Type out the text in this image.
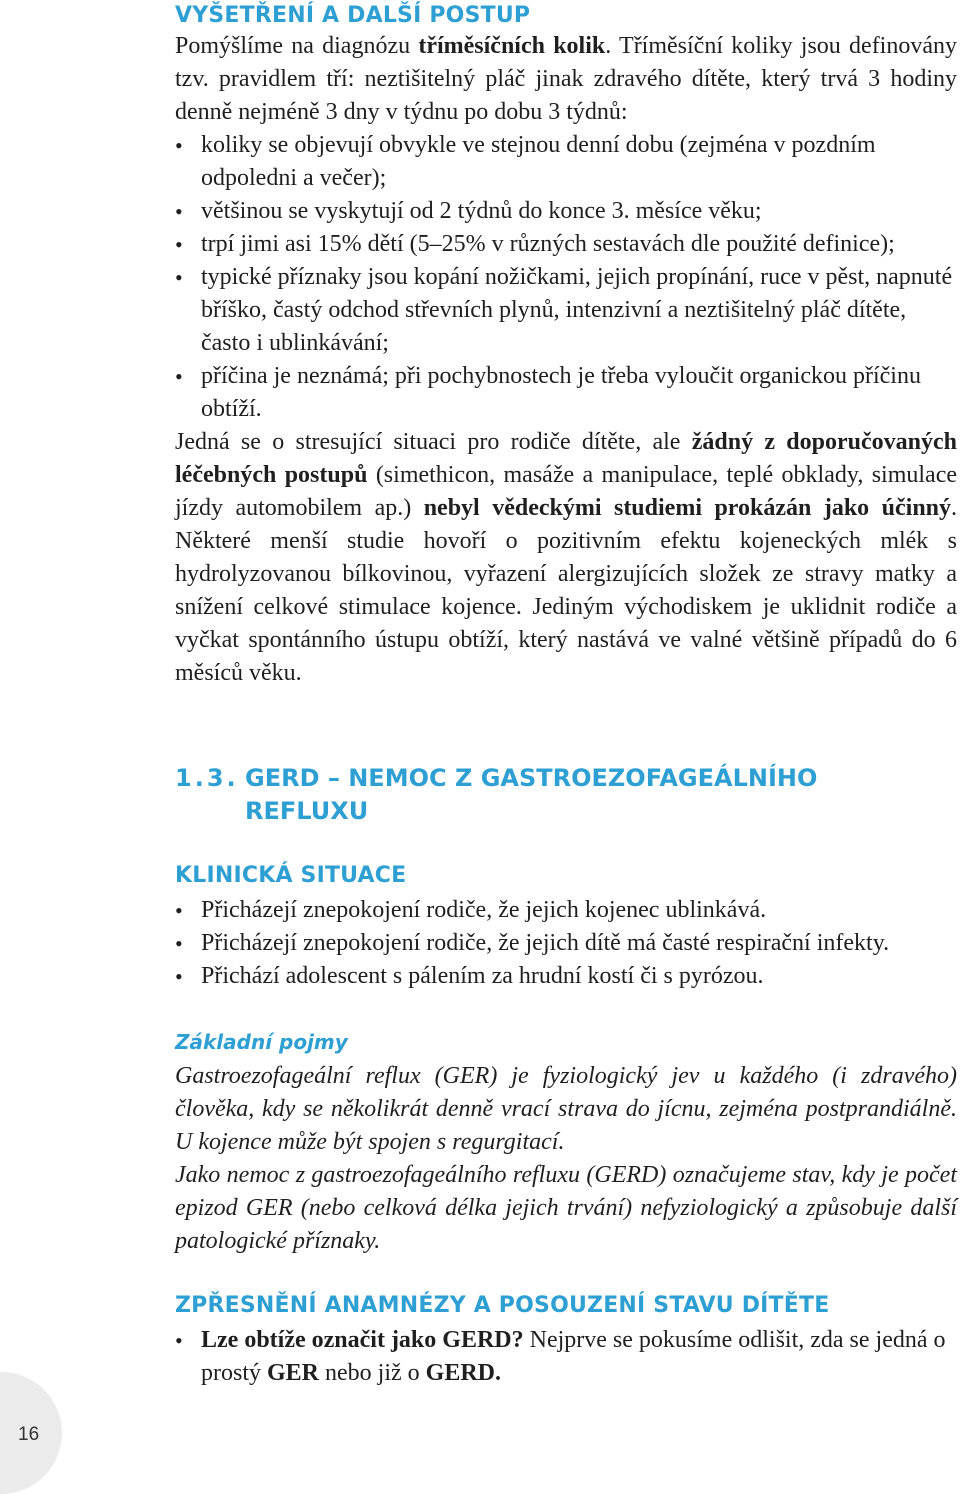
16
VYŠETŘENÍ A DALŠÍ POSTUP

Pomýšlíme na diagnózu tříměsíčních kolik. Tříměsíční koliky jsou definovány tzv. pravidlem tří: neztišitelný pláč jinak zdravého dítěte, který trvá 3 hodiny denně nejméně 3 dny v týdnu po dobu 3 týdnů:

• koliky se objevují obvykle ve stejnou denní dobu (zejména v pozdním odpoledni a večer);
• většinou se vyskytují od 2 týdnů do konce 3. měsíce věku;
• trpí jimi asi 15% dětí (5–25% v různých sestavách dle použité definice);
• typické příznaky jsou kopání nožičkami, jejich propínání, ruce v pěst, napnuté bříško, častý odchod střevních plynů, intenzivní a neztišitelný pláč dítěte, často i ublinkávání;
• příčina je neznámá; při pochybnostech je třeba vyloučit organickou příčinu obtíží.

Jedná se o stresující situaci pro rodiče dítěte, ale žádný z doporučovaných léčebných postupů (simethicon, masáže a manipulace, teplé obklady, simulace jízdy automobilem ap.) nebyl vědeckými studiemi prokázán jako účinný. Některé menší studie hovoří o pozitivním efektu kojeneckých mlék s hydrolyzovanou bílkovinou, vyřazení alergizujících složek ze stravy matky a snížení celkové stimulace kojence. Jediným východiskem je uklidnit rodiče a vyčkat spontánního ústupu obtíží, který nastává ve valné většině případů do 6 měsíců věku.

KLINICKÁ SITUACE
• Přicházejí znepokojení rodiče, že jejich kojenec ublinkává.
• Přicházejí znepokojení rodiče, že jejich dítě má časté respirační infekty.
• Přichází adolescent s pálením za hrudní kostí či s pyrózou.
Základní pojmy

Gastroezofageální reflux (GER) je fyziologický jev u každého (i zdravého) člověka, kdy se několikrát denně vrací strava do jícnu, zejména postprandiálně. U kojence může být spojen s regurgitací.

Jako nemoc z gastroezofageálního refluxu (GERD) označujeme stav, kdy je počet epizod GER (nebo celková délka jejich trvání) nefyziologický a způsobuje další patologické příznaky.

ZPŘESNĚNÍ ANAMNÉZY A POSOUZENÍ STAVU DÍTĚTE
• Lze obtíže označit jako GERD? Nejprve se pokusíme odlišit, zda se jedná o prostý GER nebo již o GERD.
1.3. GERD – NEMOC Z GASTROEZOFAGEÁLNÍHO REFLUXU
